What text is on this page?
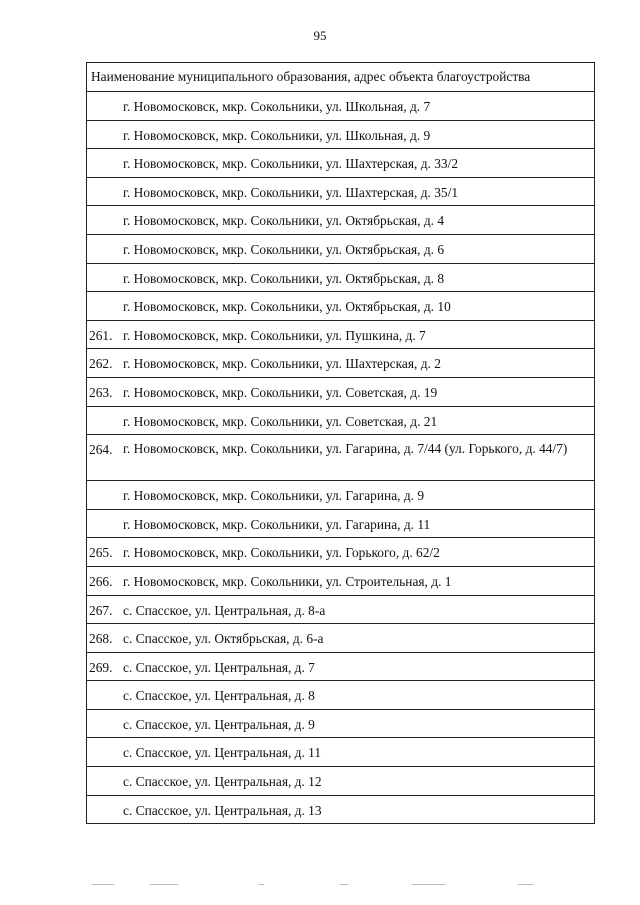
95
Наименование муниципального образования, адрес объекта благоустройства	
	г. Новомосковск, мкр. Сокольники, ул. Школьная, д. 7
	г. Новомосковск, мкр. Сокольники, ул. Школьная, д. 9
	г. Новомосковск, мкр. Сокольники, ул. Шахтерская, д. 33/2
	г. Новомосковск, мкр. Сокольники, ул. Шахтерская, д. 35/1
	г. Новомосковск, мкр. Сокольники, ул. Октябрьская, д. 4
	г. Новомосковск, мкр. Сокольники, ул. Октябрьская, д. 6
	г. Новомосковск, мкр. Сокольники, ул. Октябрьская, д. 8
	г. Новомосковск, мкр. Сокольники, ул. Октябрьская, д. 10
261.	г. Новомосковск, мкр. Сокольники, ул. Пушкина, д. 7
262.	г. Новомосковск, мкр. Сокольники, ул. Шахтерская, д. 2
263.	г. Новомосковск, мкр. Сокольники, ул. Советская, д. 19
	г. Новомосковск, мкр. Сокольники, ул. Советская, д. 21
264.	г. Новомосковск, мкр. Сокольники, ул. Гагарина, д. 7/44 (ул. Горького, д. 44/7)
	г. Новомосковск, мкр. Сокольники, ул. Гагарина, д. 9
	г. Новомосковск, мкр. Сокольники, ул. Гагарина, д. 11
265.	г. Новомосковск, мкр. Сокольники, ул. Горького, д. 62/2
266.	г. Новомосковск, мкр. Сокольники, ул. Строительная, д. 1
267.	с. Спасское, ул. Центральная, д. 8-а
268.	с. Спасское, ул. Октябрьская, д. 6-а
269.	с. Спасское, ул. Центральная, д. 7
	с. Спасское, ул. Центральная, д. 8
	с. Спасское, ул. Центральная, д. 9
	с. Спасское, ул. Центральная, д. 11
	с. Спасское, ул. Центральная, д. 12
	с. Спасское, ул. Центральная, д. 13
